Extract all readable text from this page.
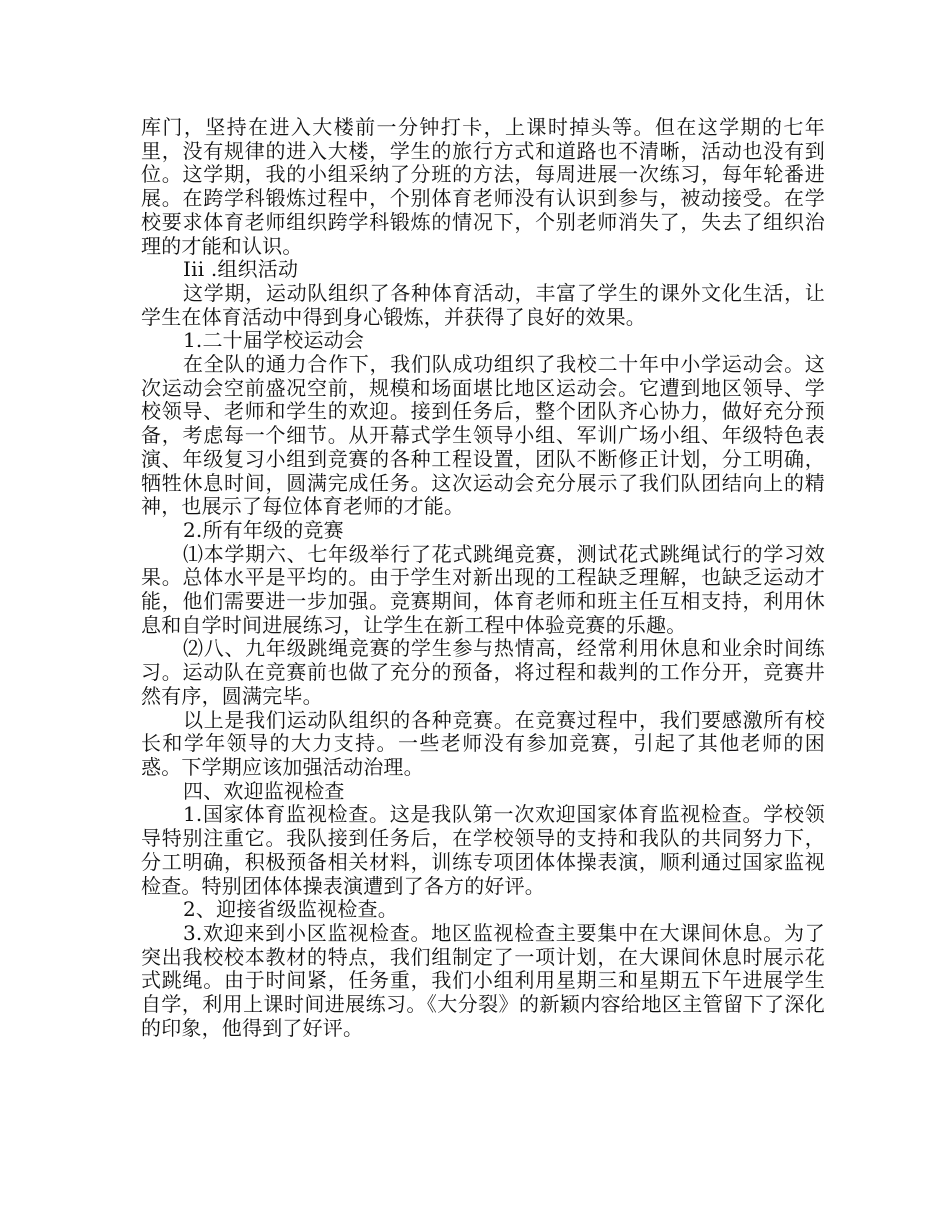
库门，坚持在进入大楼前一分钟打卡，上课时掉头等。但在这学期的七年里，没有规律的进入大楼，学生的旅行方式和道路也不清晰，活动也没有到位。这学期，我的小组采纳了分班的方法，每周进展一次练习，每年轮番进展。在跨学科锻炼过程中，个别体育老师没有认识到参与，被动接受。在学校要求体育老师组织跨学科锻炼的情况下，个别老师消失了，失去了组织治理的才能和认识。

Iii .组织活动

这学期，运动队组织了各种体育活动，丰富了学生的课外文化生活，让学生在体育活动中得到身心锻炼，并获得了良好的效果。

1.二十届学校运动会

在全队的通力合作下，我们队成功组织了我校二十年中小学运动会。这次运动会空前盛况空前，规模和场面堪比地区运动会。它遭到地区领导、学校领导、老师和学生的欢迎。接到任务后，整个团队齐心协力，做好充分预备，考虑每一个细节。从开幕式学生领导小组、军训广场小组、年级特色表演、年级复习小组到竞赛的各种工程设置，团队不断修正计划，分工明确，牺牲休息时间，圆满完成任务。这次运动会充分展示了我们队团结向上的精神，也展示了每位体育老师的才能。

2.所有年级的竞赛

⑴本学期六、七年级举行了花式跳绳竞赛，测试花式跳绳试行的学习效果。总体水平是平均的。由于学生对新出现的工程缺乏理解，也缺乏运动才能，他们需要进一步加强。竞赛期间，体育老师和班主任互相支持，利用休息和自学时间进展练习，让学生在新工程中体验竞赛的乐趣。

⑵八、九年级跳绳竞赛的学生参与热情高，经常利用休息和业余时间练习。运动队在竞赛前也做了充分的预备，将过程和裁判的工作分开，竞赛井然有序，圆满完毕。

以上是我们运动队组织的各种竞赛。在竞赛过程中，我们要感激所有校长和学年领导的大力支持。一些老师没有参加竞赛，引起了其他老师的困惑。下学期应该加强活动治理。

四、欢迎监视检查

1.国家体育监视检查。这是我队第一次欢迎国家体育监视检查。学校领导特别注重它。我队接到任务后，在学校领导的支持和我队的共同努力下，分工明确，积极预备相关材料，训练专项团体体操表演，顺利通过国家监视检查。特别团体体操表演遭到了各方的好评。

2、迎接省级监视检查。

3.欢迎来到小区监视检查。地区监视检查主要集中在大课间休息。为了突出我校校本教材的特点，我们组制定了一项计划，在大课间休息时展示花式跳绳。由于时间紧，任务重，我们小组利用星期三和星期五下午进展学生自学，利用上课时间进展练习。《大分裂》的新颖内容给地区主管留下了深化的印象，他得到了好评。
